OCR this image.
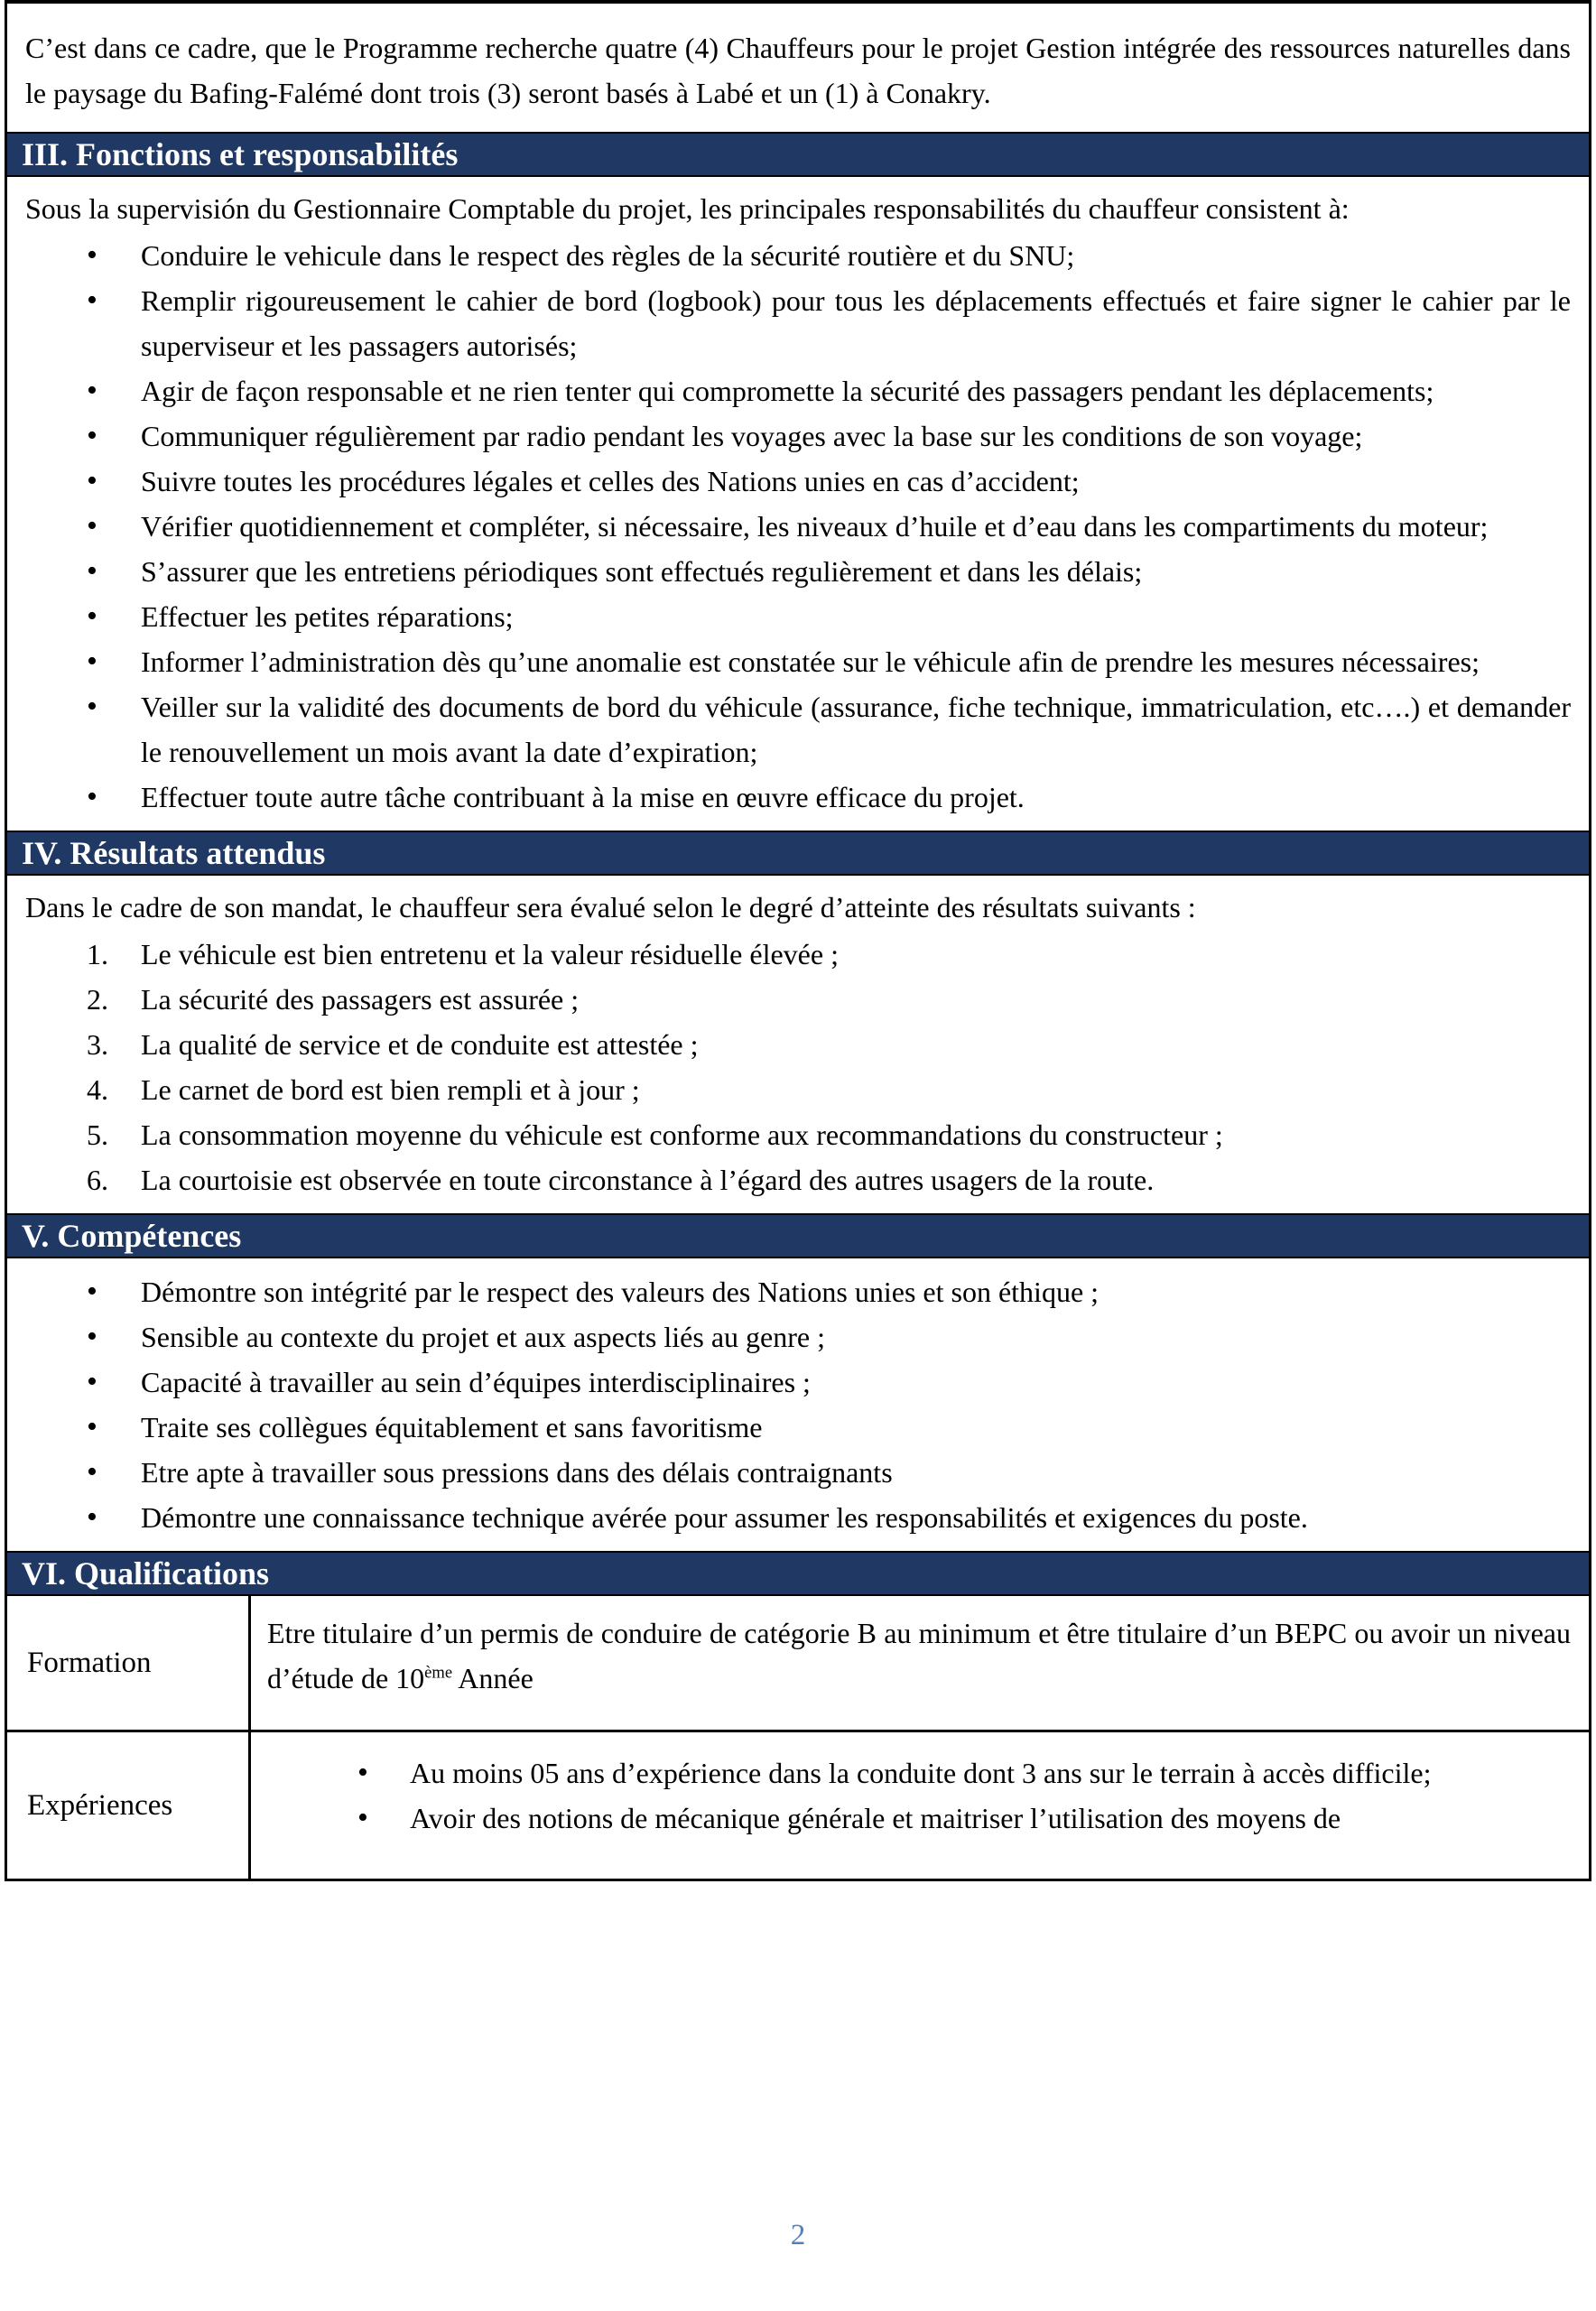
C’est dans ce cadre, que le Programme recherche quatre (4) Chauffeurs pour le projet Gestion intégrée des ressources naturelles dans le paysage du Bafing-Falémé dont trois (3) seront basés à Labé et un (1) à Conakry.
III. Fonctions et responsabilités
Sous la supervisión du Gestionnaire Comptable du projet, les principales responsabilités du chauffeur consistent à:
• Conduire le vehicule dans le respect des règles de la sécurité routière et du SNU;
• Remplir rigoureusement le cahier de bord (logbook) pour tous les déplacements effectués et faire signer le cahier par le superviseur et les passagers autorisés;
• Agir de façon responsable et ne rien tenter qui compromette la sécurité des passagers pendant les déplacements;
• Communiquer régulièrement par radio pendant les voyages avec la base sur les conditions de son voyage;
• Suivre toutes les procédures légales et celles des Nations unies en cas d’accident;
• Vérifier quotidiennement et compléter, si nécessaire, les niveaux d’huile et d’eau dans les compartiments du moteur;
• S’assurer que les entretiens périodiques sont effectués regulièrement et dans les délais;
• Effectuer les petites réparations;
• Informer l’administration dès qu’une anomalie est constatée sur le véhicule afin de prendre les mesures nécessaires;
• Veiller sur la validité des documents de bord du véhicule (assurance, fiche technique, immatriculation, etc….) et demander le renouvellement un mois avant la date d’expiration;
• Effectuer toute autre tâche contribuant à la mise en œuvre efficace du projet.
IV. Résultats attendus
Dans le cadre de son mandat, le chauffeur sera évalué selon le degré d’atteinte des résultats suivants :
1. Le véhicule est bien entretenu et la valeur résiduelle élevée ;
2. La sécurité des passagers est assurée ;
3. La qualité de service et de conduite est attestée ;
4. Le carnet de bord est bien rempli et à jour ;
5. La consommation moyenne du véhicule est conforme aux recommandations du constructeur ;
6. La courtoisie est observée en toute circonstance à l’égard des autres usagers de la route.
V. Compétences
• Démontre son intégrité par le respect des valeurs des Nations unies et son éthique ;
• Sensible au contexte du projet et aux aspects liés au genre ;
• Capacité à travailler au sein d’équipes interdisciplinaires ;
• Traite ses collègues équitablement et sans favoritisme
• Etre apte à travailler sous pressions dans des délais contraignants
• Démontre une connaissance technique avérée pour assumer les responsabilités et exigences du poste.
VI. Qualifications
Formation
Etre titulaire d’un permis de conduire de catégorie B au minimum et être titulaire d’un BEPC ou avoir un niveau d’étude de 10ème Année
Expériences
• Au moins 05 ans d’expérience dans la conduite dont 3 ans sur le terrain à accès difficile;
• Avoir des notions de mécanique générale et maitriser l’utilisation des moyens de
2
